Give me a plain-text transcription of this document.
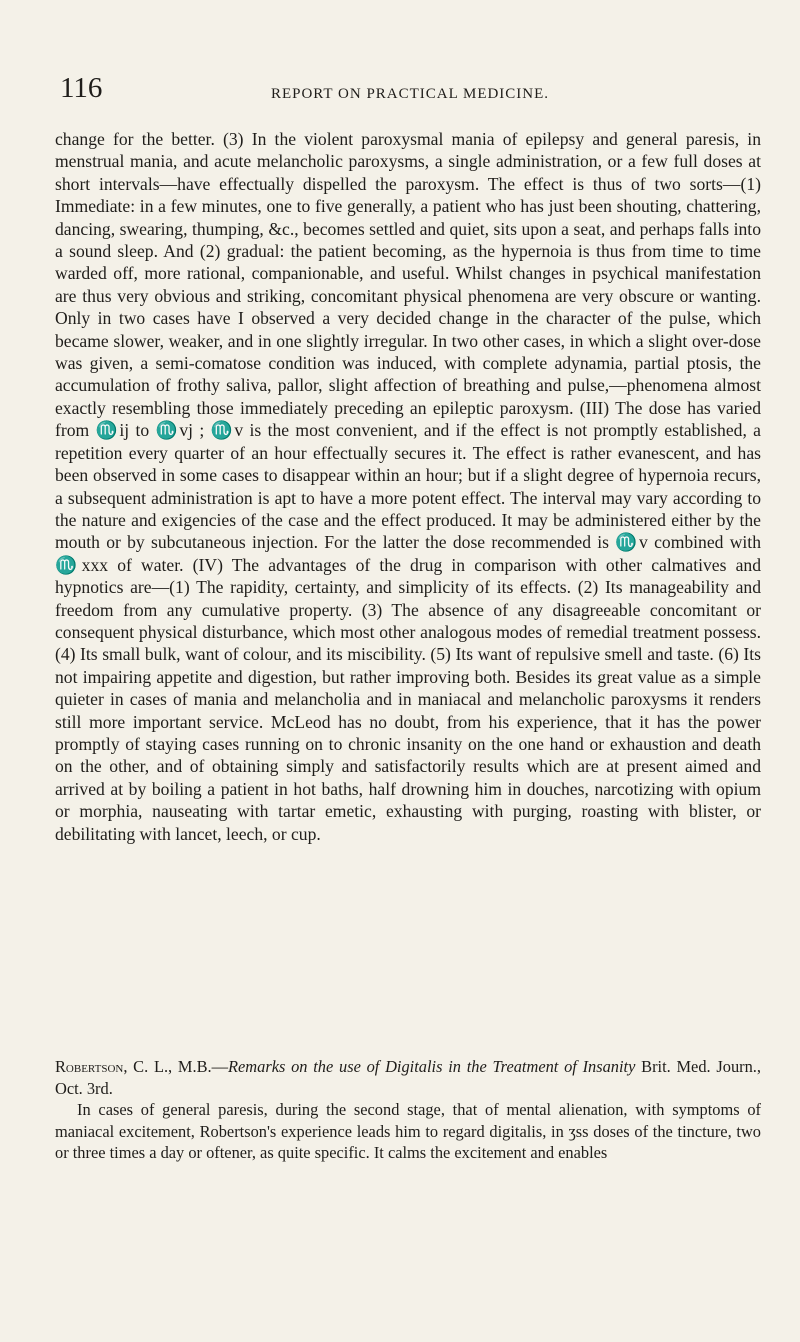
116	REPORT ON PRACTICAL MEDICINE.

change for the better. (3) In the violent paroxysmal mania of epilepsy and general paresis, in menstrual mania, and acute melancholic paroxysms, a single administration, or a few full doses at short intervals—have effectually dispelled the paroxysm. The effect is thus of two sorts—(1) Immediate: in a few minutes, one to five generally, a patient who has just been shouting, chattering, dancing, swearing, thumping, &c., becomes settled and quiet, sits upon a seat, and perhaps falls into a sound sleep. And (2) gradual: the patient becoming, as the hypernoia is thus from time to time warded off, more rational, companionable, and useful. Whilst changes in psychical manifestation are thus very obvious and striking, concomitant physical phenomena are very obscure or wanting. Only in two cases have I observed a very decided change in the character of the pulse, which became slower, weaker, and in one slightly irregular. In two other cases, in which a slight over-dose was given, a semi-comatose condition was induced, with complete adynamia, partial ptosis, the accumulation of frothy saliva, pallor, slight affection of breathing and pulse,—phenomena almost exactly resembling those immediately preceding an epileptic paroxysm. (III) The dose has varied from ♏ij to ♏vj ; ♏v is the most convenient, and if the effect is not promptly established, a repetition every quarter of an hour effectually secures it. The effect is rather evanescent, and has been observed in some cases to disappear within an hour; but if a slight degree of hypernoia recurs, a subsequent administration is apt to have a more potent effect. The interval may vary according to the nature and exigencies of the case and the effect produced. It may be administered either by the mouth or by subcutaneous injection. For the latter the dose recommended is ♏v combined with ♏xxx of water. (IV) The advantages of the drug in comparison with other calmatives and hypnotics are—(1) The rapidity, certainty, and simplicity of its effects. (2) Its manageability and freedom from any cumulative property. (3) The absence of any disagreeable concomitant or consequent physical disturbance, which most other analogous modes of remedial treatment possess. (4) Its small bulk, want of colour, and its miscibility. (5) Its want of repulsive smell and taste. (6) Its not impairing appetite and digestion, but rather improving both. Besides its great value as a simple quieter in cases of mania and melancholia and in maniacal and melancholic paroxysms it renders still more important service. McLeod has no doubt, from his experience, that it has the power promptly of staying cases running on to chronic insanity on the one hand or exhaustion and death on the other, and of obtaining simply and satisfactorily results which are at present aimed and arrived at by boiling a patient in hot baths, half drowning him in douches, narcotizing with opium or morphia, nauseating with tartar emetic, exhausting with purging, roasting with blister, or debilitating with lancet, leech, or cup.

Robertson, C. L., M.B.—Remarks on the use of Digitalis in the Treatment of Insanity Brit. Med. Journ., Oct. 3rd.

In cases of general paresis, during the second stage, that of mental alienation, with symptoms of maniacal excitement, Robertson's experience leads him to regard digitalis, in ʒss doses of the tincture, two or three times a day or oftener, as quite specific. It calms the excitement and enables
